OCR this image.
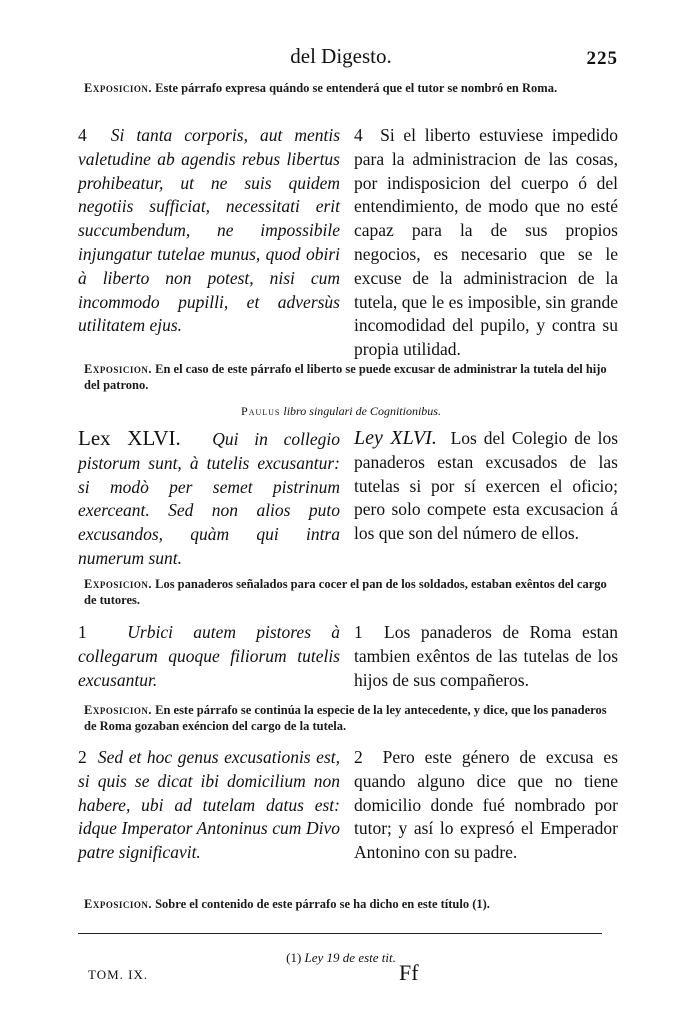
del Digesto.	225
Exposicion. Este párrafo expresa quándo se entenderá que el tutor se nombró en Roma.
4 Si tanta corporis, aut mentis valetudine ab agendis rebus libertus prohibeatur, ut ne suis quidem negotiis sufficiat, necessitati erit succumbendum, ne impossibile injungatur tutelae munus, quod obiri à liberto non potest, nisi cum incommodo pupilli, et adversùs utilitatem ejus.
4 Si el liberto estuviese impedido para la administracion de las cosas, por indisposicion del cuerpo ó del entendimiento, de modo que no esté capaz para la de sus propios negocios, es necesario que se le excuse de la administracion de la tutela, que le es imposible, sin grande incomodidad del pupilo, y contra su propia utilidad.
Exposicion. En el caso de este párrafo el liberto se puede excusar de administrar la tutela del hijo del patrono.
Paulus libro singulari de Cognitionibus.
Lex XLVI. Qui in collegio pistorum sunt, à tutelis excusantur: si modò per semet pistrinum exerceant. Sed non alios puto excusandos, quàm qui intra numerum sunt.
Ley XLVI. Los del Colegio de los panaderos estan excusados de las tutelas si por sí exercen el oficio; pero solo compete esta excusacion á los que son del número de ellos.
Exposicion. Los panaderos señalados para cocer el pan de los soldados, estaban exêntos del cargo de tutores.
1 Urbici autem pistores à collegarum quoque filiorum tutelis excusantur.
1 Los panaderos de Roma estan tambien exêntos de las tutelas de los hijos de sus compañeros.
Exposicion. En este párrafo se continúa la especie de la ley antecedente, y dice, que los panaderos de Roma gozaban exéncion del cargo de la tutela.
2 Sed et hoc genus excusationis est, si quis se dicat ibi domicilium non habere, ubi ad tutelam datus est: idque Imperator Antoninus cum Divo patre significavit.
2 Pero este género de excusa es quando alguno dice que no tiene domicilio donde fué nombrado por tutor; y así lo expresó el Emperador Antonino con su padre.
Exposicion. Sobre el contenido de este párrafo se ha dicho en este título (1).
(1) Ley 19 de este tit.
TOM. IX.	Ff
